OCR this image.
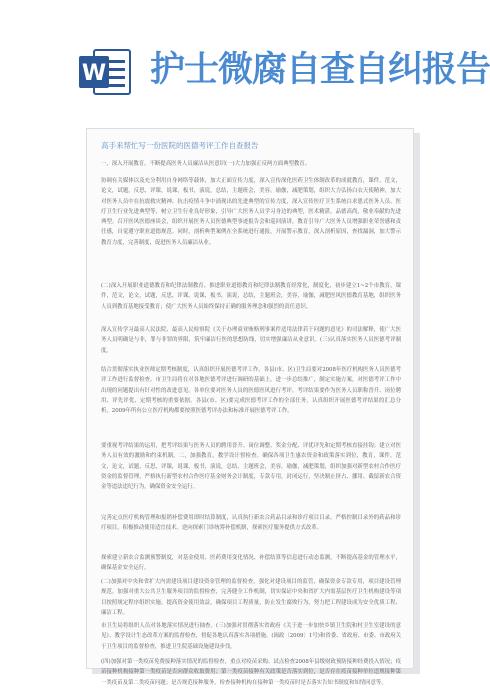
W 护士微腐自查自纠报告
高手来帮忙写一份医院的医德考评工作自查报告

一，深入开展教育，不断提高医务人员廉洁从医意识(一)大力加强正反两方面典型教育。

协调有关媒体以及充分利用自身网络等载体，加大正面宣传力度，深入宣传深化医药卫生体制改革的成就教育，课件，范文，论文，试题，反思，评课，说课，板书，演说，总结，主题班会，美容，瑜伽，减肥策划，组织大力弘扬白衣天使精神，加大对医务人员中在抗震救灾精神、抗击疫情斗争中涌现出的先进典型的宣传力度，深入宣传医疗卫生系统白求恩式医务人员、医疗卫生行业先进典型等，树立卫生行业良好形象，引导广大医务人员学习身边的典型，医术精湛，品德高尚，敬业奉献的先进典型。召开医风医德座谈会，组织开展医务人员医德典型事迹报告会和巡回演讲，教育引导广大医务人员增强职业荣誉感和责任感，自觉遵守职业道德规范。同时，剖析典型案例在全系统进行通报，开展警示教育，深入剖析原因，查找漏洞，加大警示教育力度，完善制度，促进医务人员廉洁从业。

(二)深入开展职业道德教育和纪律法制教育。推进职业道德教育和纪律法制教育经常化，制度化，初步建立1~2个市教育，课件，范文，论文，试题，反思，评课，说课，板书，演说，总结，主题班会，美容，瑜伽，减肥医风医德教育基地，组织医务人员到教育基地接受教育；使广大医务人员始终保持正确的服务理念和强烈的责任意识。

深入宣传学习最高人民法院、最高人民检察院《关于办理商业贿赂刑事案件适用法律若干问题的意见》的司法解释，使广大医务人员明确是与非，罪与非罪的界限，筑牢廉洁行医的思想防线，切实增强廉洁从业意识。(三)认真落实医务人员医德考评制度。

结合贯彻落实执业医师定期考核制度，认真组织开展医德考评工作，各县(市、区)卫生局要对2008年医疗机构医务人员医德考评工作进行监督检查。市卫生局将在对各地医德考评进行调研的基础上，进一步总结推广，制定实施方案，对医德考评工作中出现的问题提出有针对性的改进意见。各单位要对医务人员的医德医风进行考评，考评结果要作为医务人员职称晋升、岗位聘用、评先评优、定期考核的重要依据。各县(市、区)要完成医德考评工作的全部任务，认真组织开展医德考评结果的汇总分析，2009年所有公立医疗机构都要按照医德考评办法和标准开展医德考评工作。

要重视考评结果的运用，把考评结果与医务人员的聘用晋升、岗位调整、奖金分配、评优评先和定期考核直接挂钩；建立对医务人员有效的激励和约束机制。二，加强教育，教学设计督检查。确保各项卫生惠农资金和政策落实到位，教育，课件，范文，论文，试题，反思，评课，说课，板书，演说，总结，主题班会，美容，瑜伽，减肥策划，组织加强对新型农村合作医疗资金的监督管理，严格执行新型农村合作医疗基金财务会计制度，专款专用，封闭运行，坚决制止挤占、挪用、截留新农合资金等违法违纪行为，确保资金安全运行。

完善定点医疗机构管理和报销补偿费用即时结算制度，认真执行新农合药品目录和诊疗项目目录，严格控制目录外的药品和诊疗项目，积极推动使用适宜技术。逆向探索门诊统筹补偿机制，探索医疗服务提供方式改革。

探索建立新农合监测预警制度，对基金使用、医药费用变化情况、补偿结算等信息进行动态监测，不断提高基金的管理水平，确保基金安全运行。

(二)加强对中央和省扩大内需建设项目建设资金管理的监督检查，强化对建设项目的监管，确保资金专款专用，项目建设管理规范。加强对重大公共卫生服务项目的监督检查，完善健全工作机制，切实保证中央和省扩大内需基层医疗卫生机构建设等项目按照规定程序组织实施。提高资金使用效益，确保项目工程质量，防止发生腐败行为，努力把工程建设成为安全优质工程、廉洁工程。

市卫生局将组织人员对各地落实情况进行抽查。(三)加强对贯彻落实省政府《关于进一步加快乡镇卫生院和村卫生室建设的意见》、教学设计生态改革方案的监督检查，督促各地认真落实各项措施。(闽政〔2009〕1号)和省委、省政府、市委、市政府关于卫生项目的监督检查，推进卫生院基础设施建设步伐。

(四)加强对第一类疫苗免费接种落实情况的监督检查，重点对疫苗采购、试点检查2008年县级财政预防接种经费投入情况；疫苗接种机构接种第一类疫苗是否向群众收取费用；第一类疫苗接种有关政策是否落实到位，是否存在疫苗接种单位违规接种第一类疫苗及第二类疫苗问题；是否规范接种服务，检查接种机构在接种第一类疫苗时是否落实告知书制度和知情同意等。
